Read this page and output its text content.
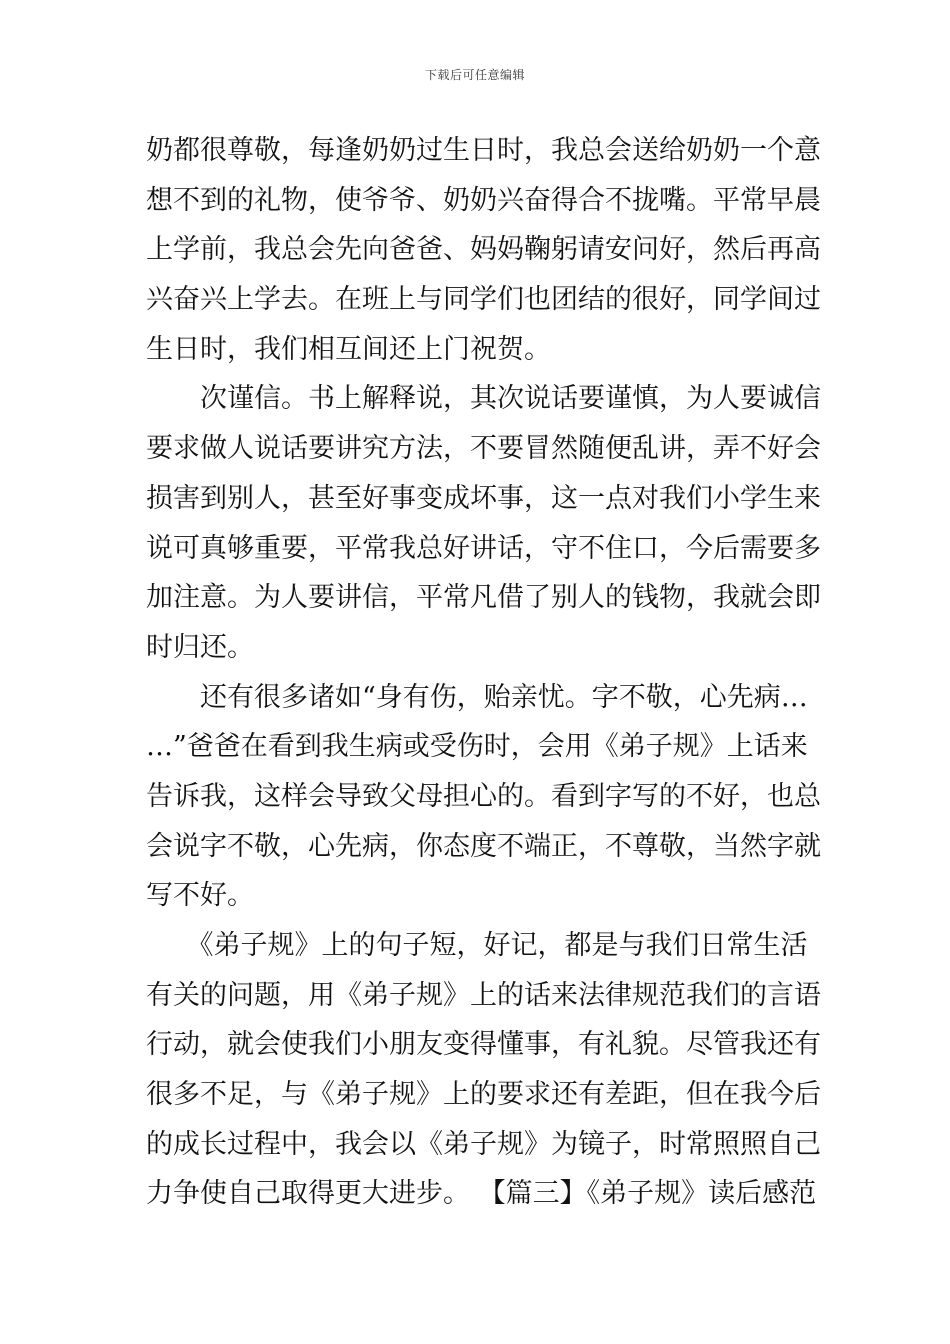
下载后可任意编辑
奶都很尊敬，每逢奶奶过生日时，我总会送给奶奶一个意
想不到的礼物，使爷爷、奶奶兴奋得合不拢嘴。平常早晨
上学前，我总会先向爸爸、妈妈鞠躬请安问好，然后再高
兴奋兴上学去。在班上与同学们也团结的很好，同学间过
生日时，我们相互间还上门祝贺。
　　次谨信。书上解释说，其次说话要谨慎，为人要诚信
要求做人说话要讲究方法，不要冒然随便乱讲，弄不好会
损害到别人，甚至好事变成坏事，这一点对我们小学生来
说可真够重要，平常我总好讲话，守不住口，今后需要多
加注意。为人要讲信，平常凡借了别人的钱物，我就会即
时归还。
　　还有很多诸如“身有伤，贻亲忧。字不敬，心先病…
…”爸爸在看到我生病或受伤时，会用《弟子规》上话来
告诉我，这样会导致父母担心的。看到字写的不好，也总
会说字不敬，心先病，你态度不端正，不尊敬，当然字就
写不好。
　　《弟子规》上的句子短，好记，都是与我们日常生活
有关的问题，用《弟子规》上的话来法律规范我们的言语
行动，就会使我们小朋友变得懂事，有礼貌。尽管我还有
很多不足，与《弟子规》上的要求还有差距，但在我今后
的成长过程中，我会以《弟子规》为镜子，时常照照自己
力争使自己取得更大进步。 【篇三】《弟子规》读后感范
